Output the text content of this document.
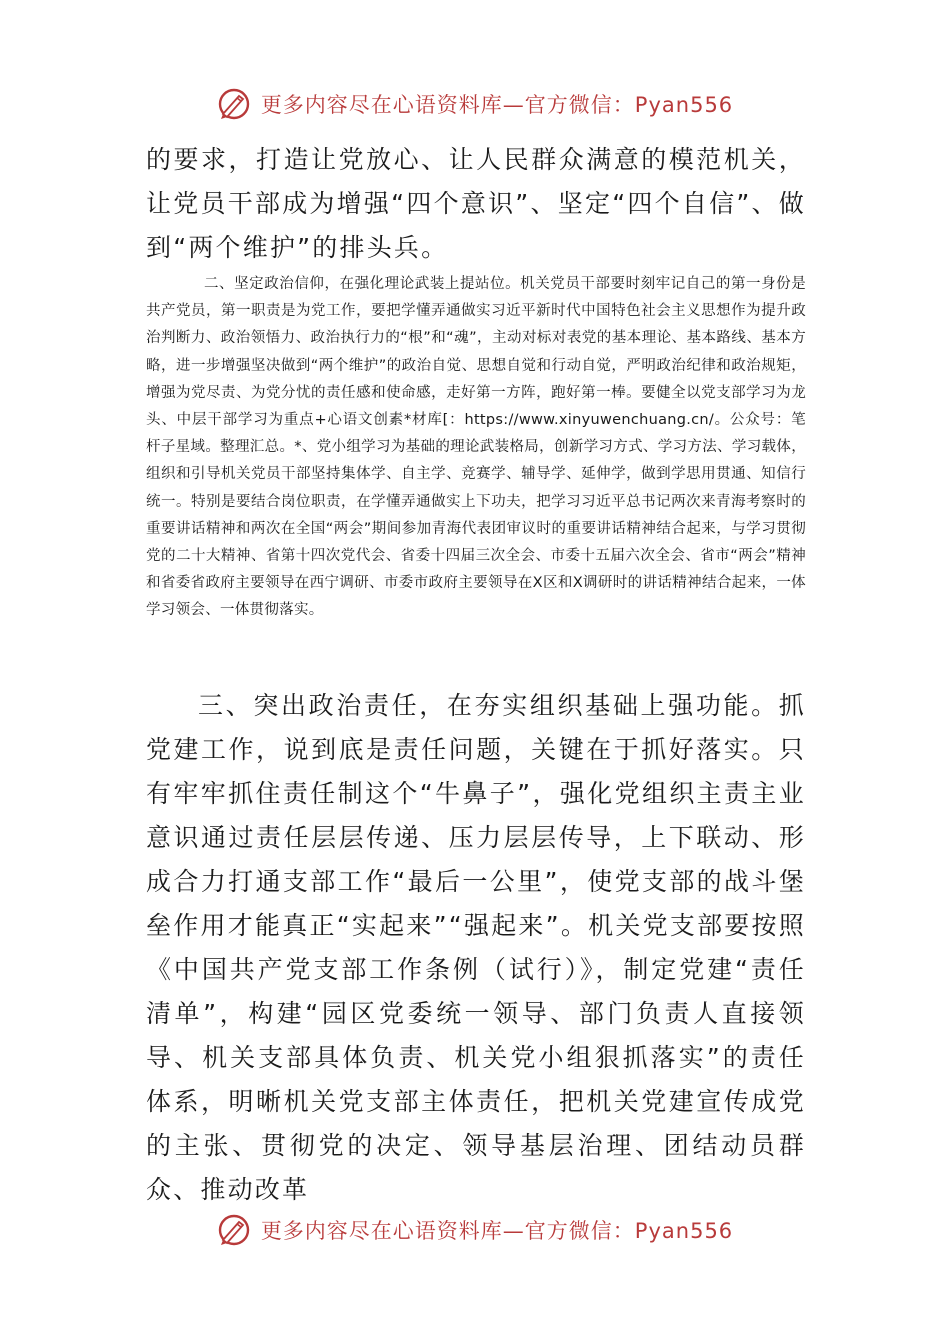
更多内容尽在心语资料库—官方微信：Pyan556

的要求，打造让党放心、让人民群众满意的模范机关，让党员干部成为增强“四个意识”、坚定“四个自信”、做到“两个维护”的排头兵。

二、坚定政治信仰，在强化理论武装上提站位。机关党员干部要时刻牢记自己的第一身份是共产党员，第一职责是为党工作，要把学懂弄通做实习近平新时代中国特色社会主义思想作为提升政治判断力、政治领悟力、政治执行力的“根”和“魂”，主动对标对表党的基本理论、基本路线、基本方略，进一步增强坚决做到“两个维护”的政治自觉、思想自觉和行动自觉，严明政治纪律和政治规矩，增强为党尽责、为党分忧的责任感和使命感，走好第一方阵，跑好第一棒。要健全以党支部学习为龙头、中层干部学习为重点+心语文创素*材库[：https://www.xinyuwenchuang.cn/。公众号：笔杆子星域。整理汇总。*、党小组学习为基础的理论武装格局，创新学习方式、学习方法、学习载体，组织和引导机关党员干部坚持集体学、自主学、竞赛学、辅导学、延伸学，做到学思用贯通、知信行统一。特别是要结合岗位职责，在学懂弄通做实上下功夫，把学习习近平总书记两次来青海考察时的重要讲话精神和两次在全国“两会”期间参加青海代表团审议时的重要讲话精神结合起来，与学习贯彻党的二十大精神、省第十四次党代会、省委十四届三次全会、市委十五届六次全会、省市“两会”精神和省委省政府主要领导在西宁调研、市委市政府主要领导在X区和X调研时的讲话精神结合起来，一体学习领会、一体贯彻落实。

三、突出政治责任，在夯实组织基础上强功能。抓党建工作，说到底是责任问题，关键在于抓好落实。只有牢牢抓住责任制这个“牛鼻子”，强化党组织主责主业意识通过责任层层传递、压力层层传导，上下联动、形成合力打通支部工作“最后一公里”，使党支部的战斗堡垒作用才能真正“实起来”“强起来”。机关党支部要按照《中国共产党支部工作条例（试行）》，制定党建“责任清单”，构建“园区党委统一领导、部门负责人直接领导、机关支部具体负责、机关党小组狠抓落实”的责任体系，明晰机关党支部主体责任，把机关党建宣传成党的主张、贯彻党的决定、领导基层治理、团结动员群众、推动改革

更多内容尽在心语资料库—官方微信：Pyan556
